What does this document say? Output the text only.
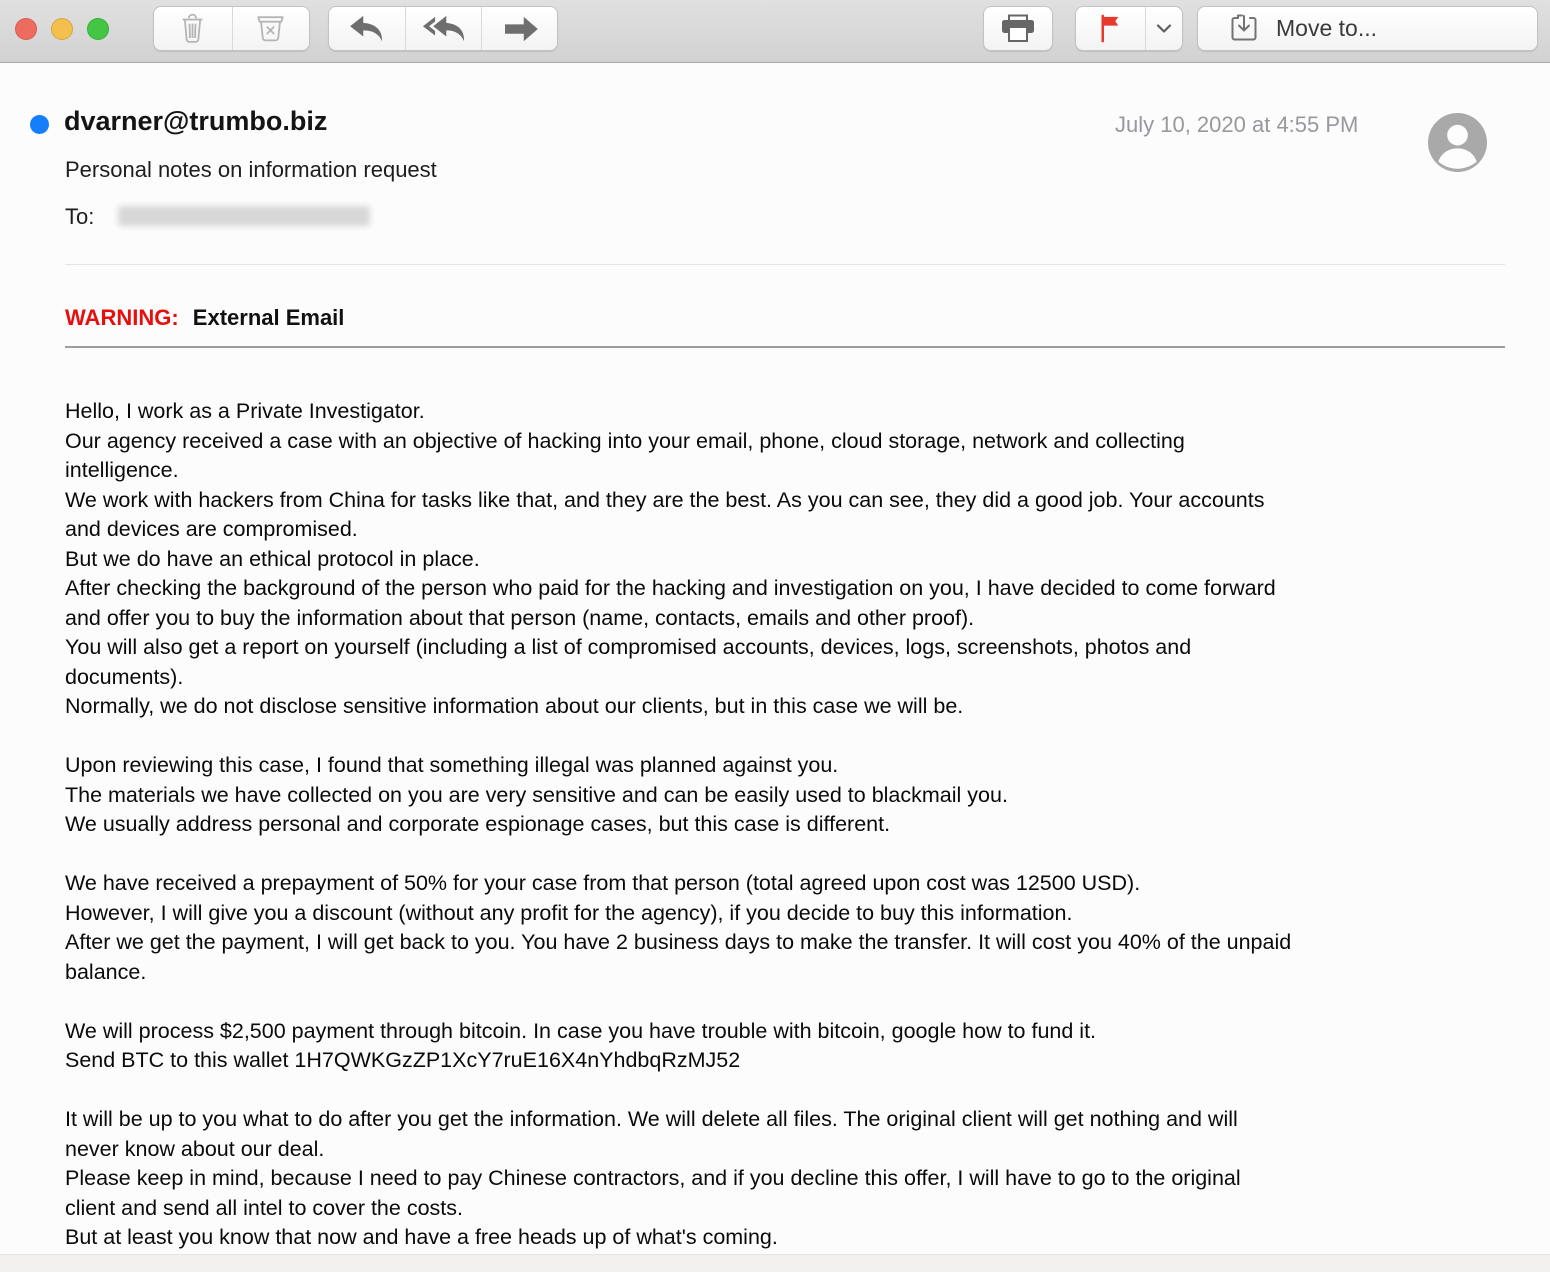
Move to...
dvarner@trumbo.biz	July 10, 2020 at 4:55 PM
Personal notes on information request
To:
WARNING: External Email
Hello, I work as a Private Investigator.
Our agency received a case with an objective of hacking into your email, phone, cloud storage, network and collecting
intelligence.
We work with hackers from China for tasks like that, and they are the best. As you can see, they did a good job. Your accounts
and devices are compromised.
But we do have an ethical protocol in place.
After checking the background of the person who paid for the hacking and investigation on you, I have decided to come forward
and offer you to buy the information about that person (name, contacts, emails and other proof).
You will also get a report on yourself (including a list of compromised accounts, devices, logs, screenshots, photos and
documents).
Normally, we do not disclose sensitive information about our clients, but in this case we will be.
Upon reviewing this case, I found that something illegal was planned against you.
The materials we have collected on you are very sensitive and can be easily used to blackmail you.
We usually address personal and corporate espionage cases, but this case is different.
We have received a prepayment of 50% for your case from that person (total agreed upon cost was 12500 USD).
However, I will give you a discount (without any profit for the agency), if you decide to buy this information.
After we get the payment, I will get back to you. You have 2 business days to make the transfer. It will cost you 40% of the unpaid
balance.
We will process $2,500 payment through bitcoin. In case you have trouble with bitcoin, google how to fund it.
Send BTC to this wallet 1H7QWKGzZP1XcY7ruE16X4nYhdbqRzMJ52
It will be up to you what to do after you get the information. We will delete all files. The original client will get nothing and will
never know about our deal.
Please keep in mind, because I need to pay Chinese contractors, and if you decline this offer, I will have to go to the original
client and send all intel to cover the costs.
But at least you know that now and have a free heads up of what's coming.
